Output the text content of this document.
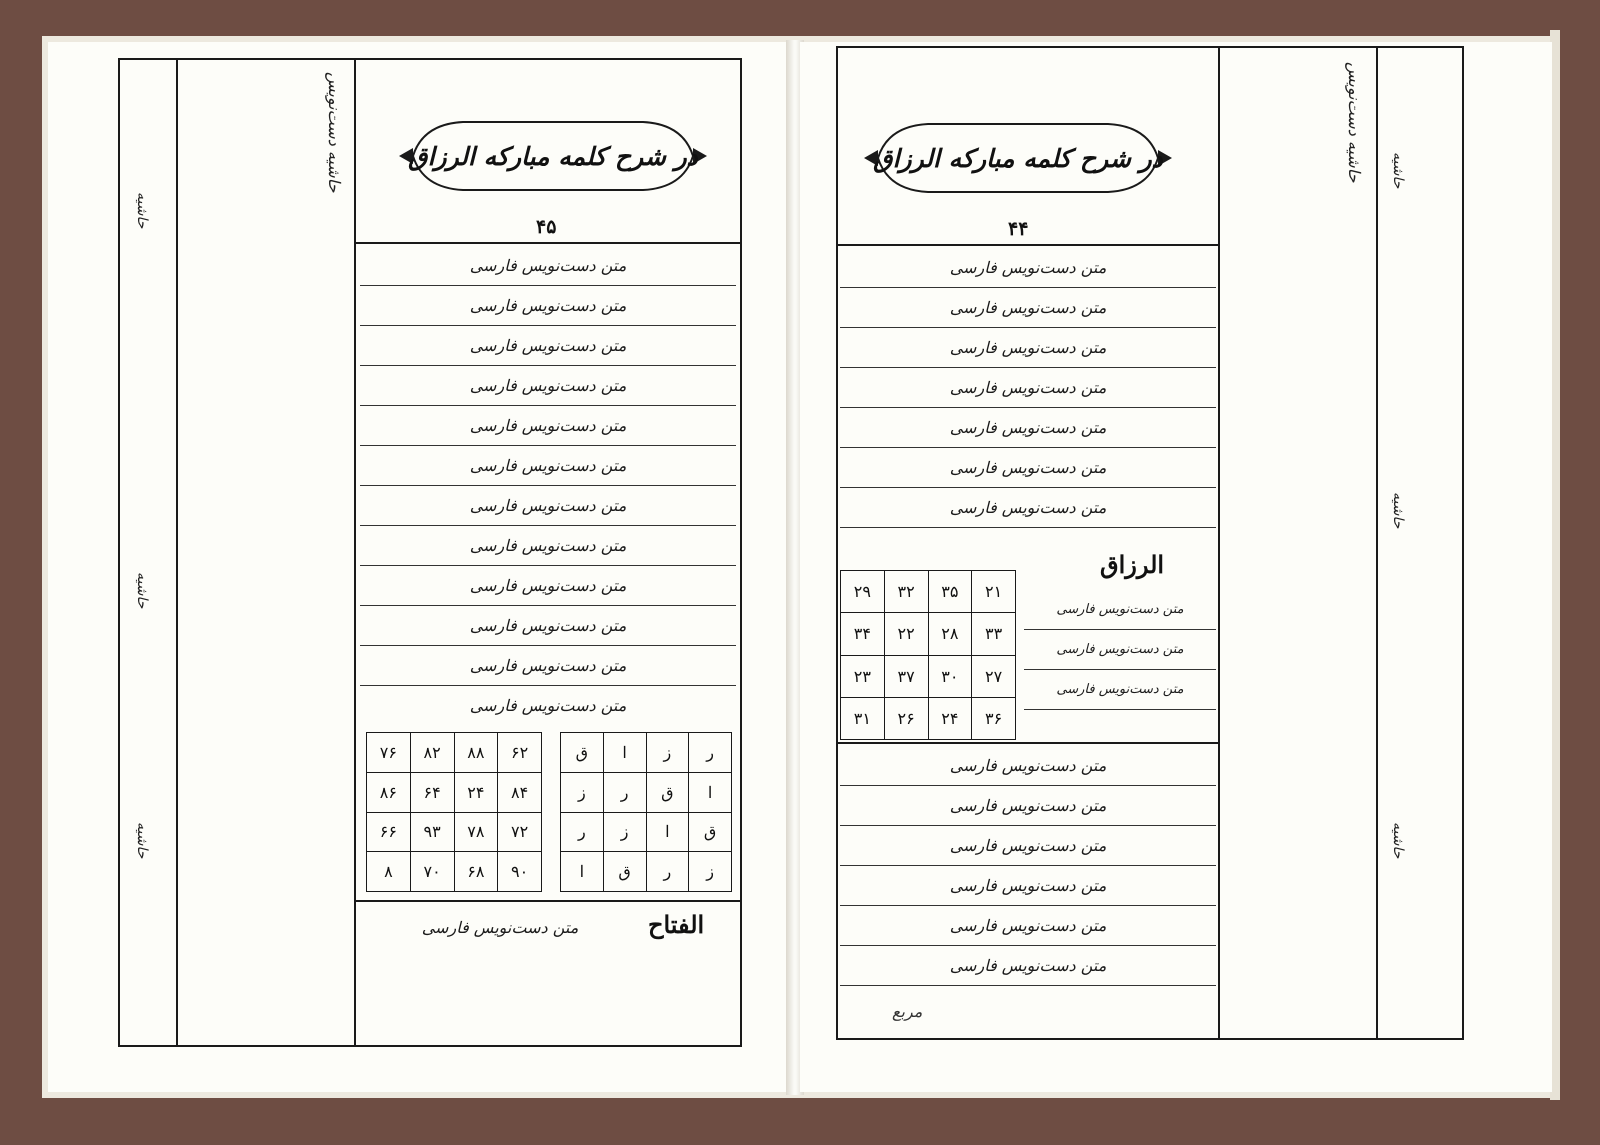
در شرح کلمه مبارکه الرزاق
۴۵
متن دست‌نویس فارسی
متن دست‌نویس فارسی
متن دست‌نویس فارسی
متن دست‌نویس فارسی
متن دست‌نویس فارسی
متن دست‌نویس فارسی
متن دست‌نویس فارسی
متن دست‌نویس فارسی
متن دست‌نویس فارسی
متن دست‌نویس فارسی
متن دست‌نویس فارسی
متن دست‌نویس فارسی
۷۶	۸۲	۸۸	۶۲
۸۶	۶۴	۲۴	۸۴
۶۶	۹۳	۷۸	۷۲
۸	۷۰	۶۸	۹۰
ق	ا	ز	ر
ز	ر	ق	ا
ر	ز	ا	ق
ا	ق	ر	ز
الفتاح
متن دست‌نویس فارسی
حاشیه دست‌نویس
حاشیه
حاشیه
حاشیه
در شرح کلمه مبارکه الرزاق
۴۴
متن دست‌نویس فارسی
متن دست‌نویس فارسی
متن دست‌نویس فارسی
متن دست‌نویس فارسی
متن دست‌نویس فارسی
متن دست‌نویس فارسی
متن دست‌نویس فارسی
الرزاق
۲۹	۳۲	۳۵	۲۱
۳۴	۲۲	۲۸	۳۳
۲۳	۳۷	۳۰	۲۷
۳۱	۲۶	۲۴	۳۶
متن دست‌نویس فارسی
متن دست‌نویس فارسی
متن دست‌نویس فارسی
متن دست‌نویس فارسی
متن دست‌نویس فارسی
متن دست‌نویس فارسی
متن دست‌نویس فارسی
متن دست‌نویس فارسی
متن دست‌نویس فارسی
مربع
حاشیه دست‌نویس حاشیه
حاشیه
حاشیه
